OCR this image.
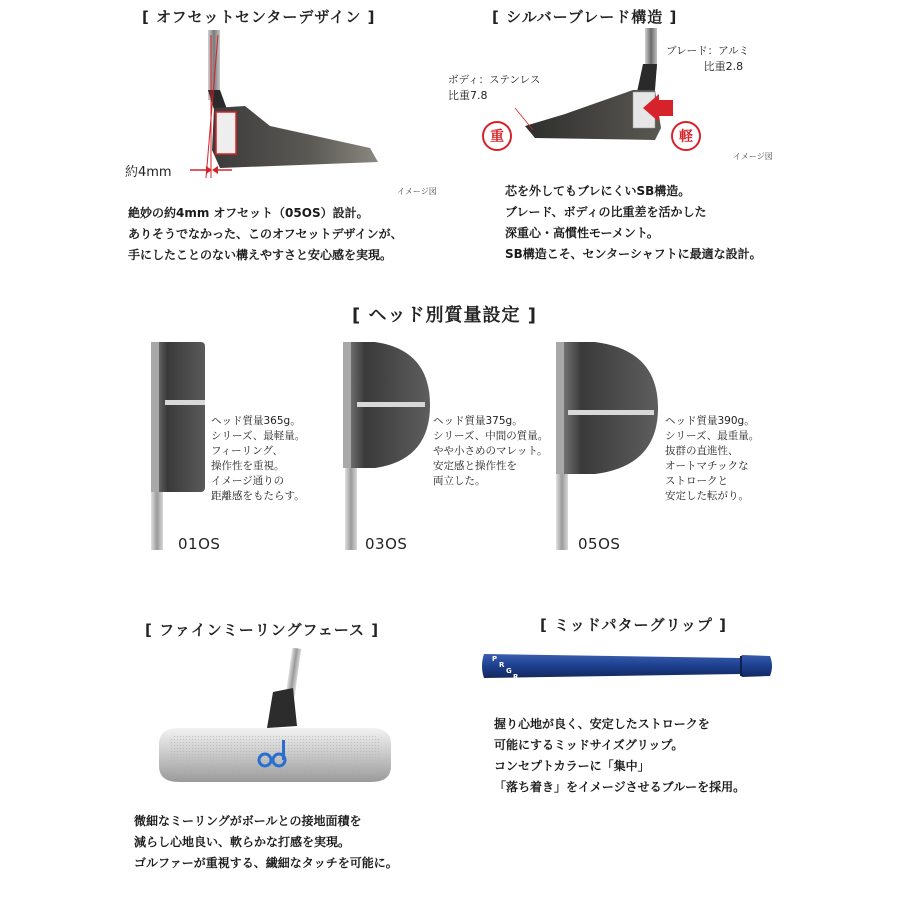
[ オフセットセンターデザイン ]
約4mm
イメージ図
絶妙の約4mm オフセット（05OS）設計。
ありそうでなかった、このオフセットデザインが、
手にしたことのない構えやすさと安心感を実現。
[ シルバーブレード構造 ]
ブレード：アルミ
比重2.8
ボディ：ステンレス
比重7.8
重	軽
イメージ図
芯を外してもブレにくいSB構造。
ブレード、ボディの比重差を活かした
深重心・高慣性モーメント。
SB構造こそ、センターシャフトに最適な設計。
[ ヘッド別質量設定 ]
01OS
ヘッド質量365g。
シリーズ、最軽量。
フィーリング、
操作性を重視。
イメージ通りの
距離感をもたらす。
03OS
ヘッド質量375g。
シリーズ、中間の質量。
やや小さめのマレット。
安定感と操作性を
両立した。
05OS
ヘッド質量390g。
シリーズ、最重量。
抜群の直進性、
オートマチックな
ストロークと
安定した転がり。
[ ファインミーリングフェース ]
微細なミーリングがボールとの接地面積を
減らし心地良い、軟らかな打感を実現。
ゴルファーが重視する、繊細なタッチを可能に。
[ ミッドパターグリップ ]
P
R
G
R
握り心地が良く、安定したストロークを
可能にするミッドサイズグリップ。
コンセプトカラーに「集中」
「落ち着き」をイメージさせるブルーを採用。
